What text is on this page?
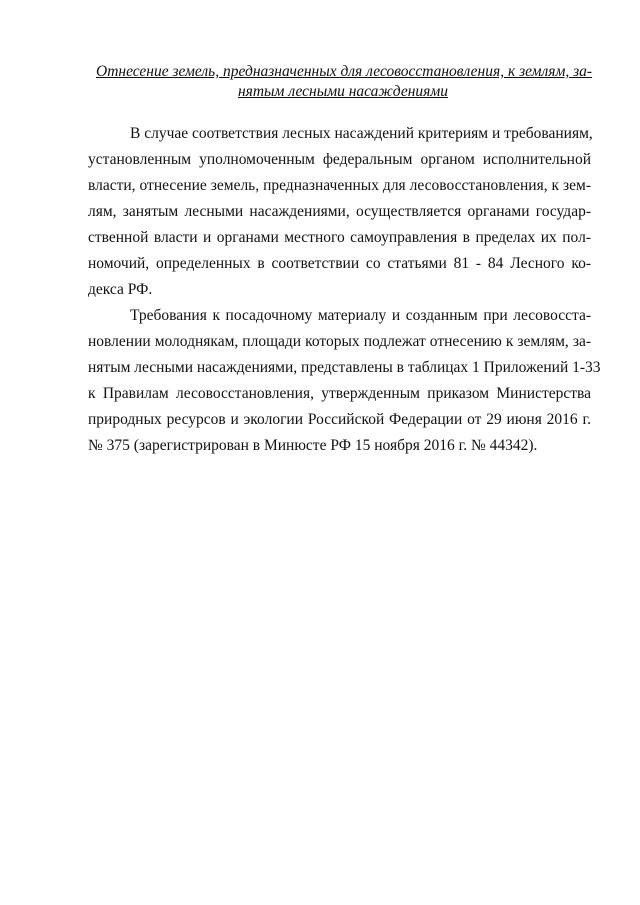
Отнесение земель, предназначенных для лесовосстановления, к землям, за-
нятым лесными насаждениями
В случае соответствия лесных насаждений критериям и требованиям,
установленным уполномоченным федеральным органом исполнительной
власти, отнесение земель, предназначенных для лесовосстановления, к зем-
лям, занятым лесными насаждениями, осуществляется органами государ-
ственной власти и органами местного самоуправления в пределах их пол-
номочий, определенных в соответствии со статьями 81 - 84 Лесного ко-
декса РФ.
Требования к посадочному материалу и созданным при лесовосста-
новлении молоднякам, площади которых подлежат отнесению к землям, за-
нятым лесными насаждениями, представлены в таблицах 1 Приложений 1-33
к Правилам лесовосстановления, утвержденным приказом Министерства
природных ресурсов и экологии Российской Федерации от 29 июня 2016 г.
№ 375 (зарегистрирован в Минюсте РФ 15 ноября 2016 г. № 44342).
